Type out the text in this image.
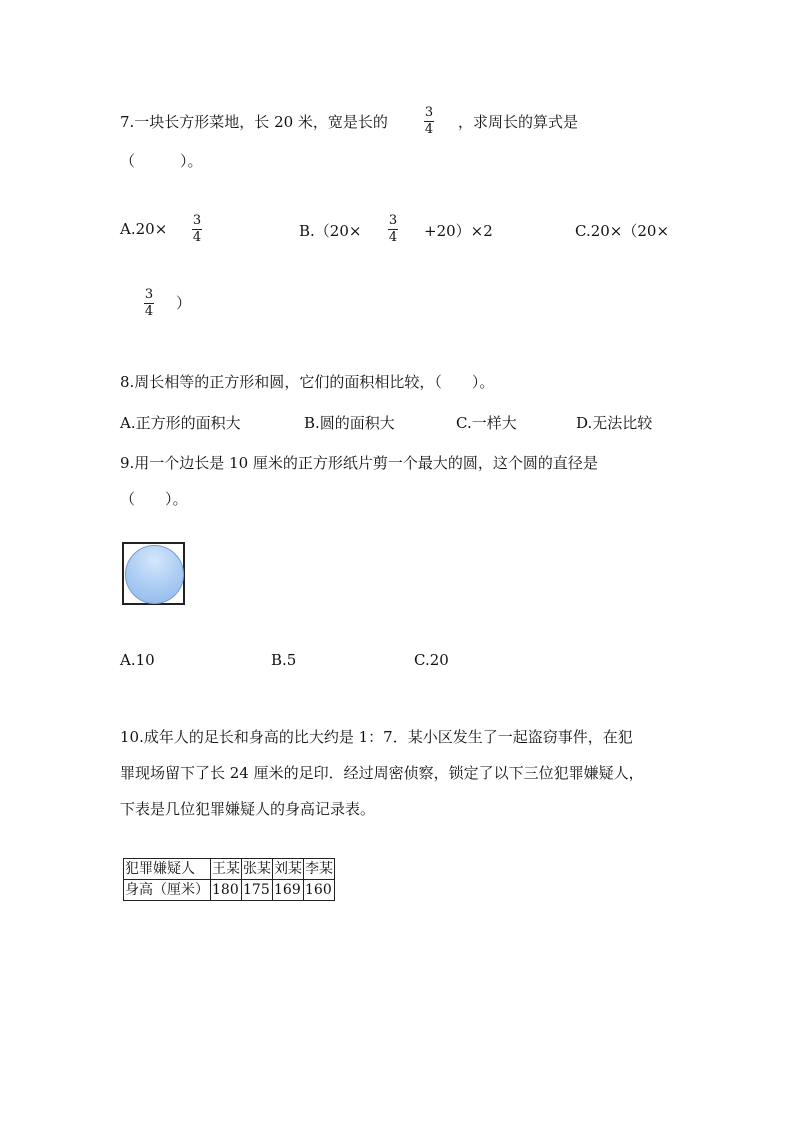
7.一块长方形菜地，长 20 米，宽是长的
3
4 ，求周长的算式是
（　　　）。
A.20× 3
4	B.（20×
3
4 +20）×2	C.20×（20×
3
4 ）
8.周长相等的正方形和圆，它们的面积相比较，（　　）。
A.正方形的面积大	B.圆的面积大	C.一样大	D.无法比较
9.用一个边长是 10 厘米的正方形纸片剪一个最大的圆，这个圆的直径是
（　　）。
A.10	B.5	C.20
10.成年人的足长和身高的比大约是 1：7．某小区发生了一起盗窃事件，在犯
罪现场留下了长 24 厘米的足印．经过周密侦察，锁定了以下三位犯罪嫌疑人，
下表是几位犯罪嫌疑人的身高记录表。
犯罪嫌疑人	王某	张某	刘某	李某
身高（厘米）	180	175	169	160
